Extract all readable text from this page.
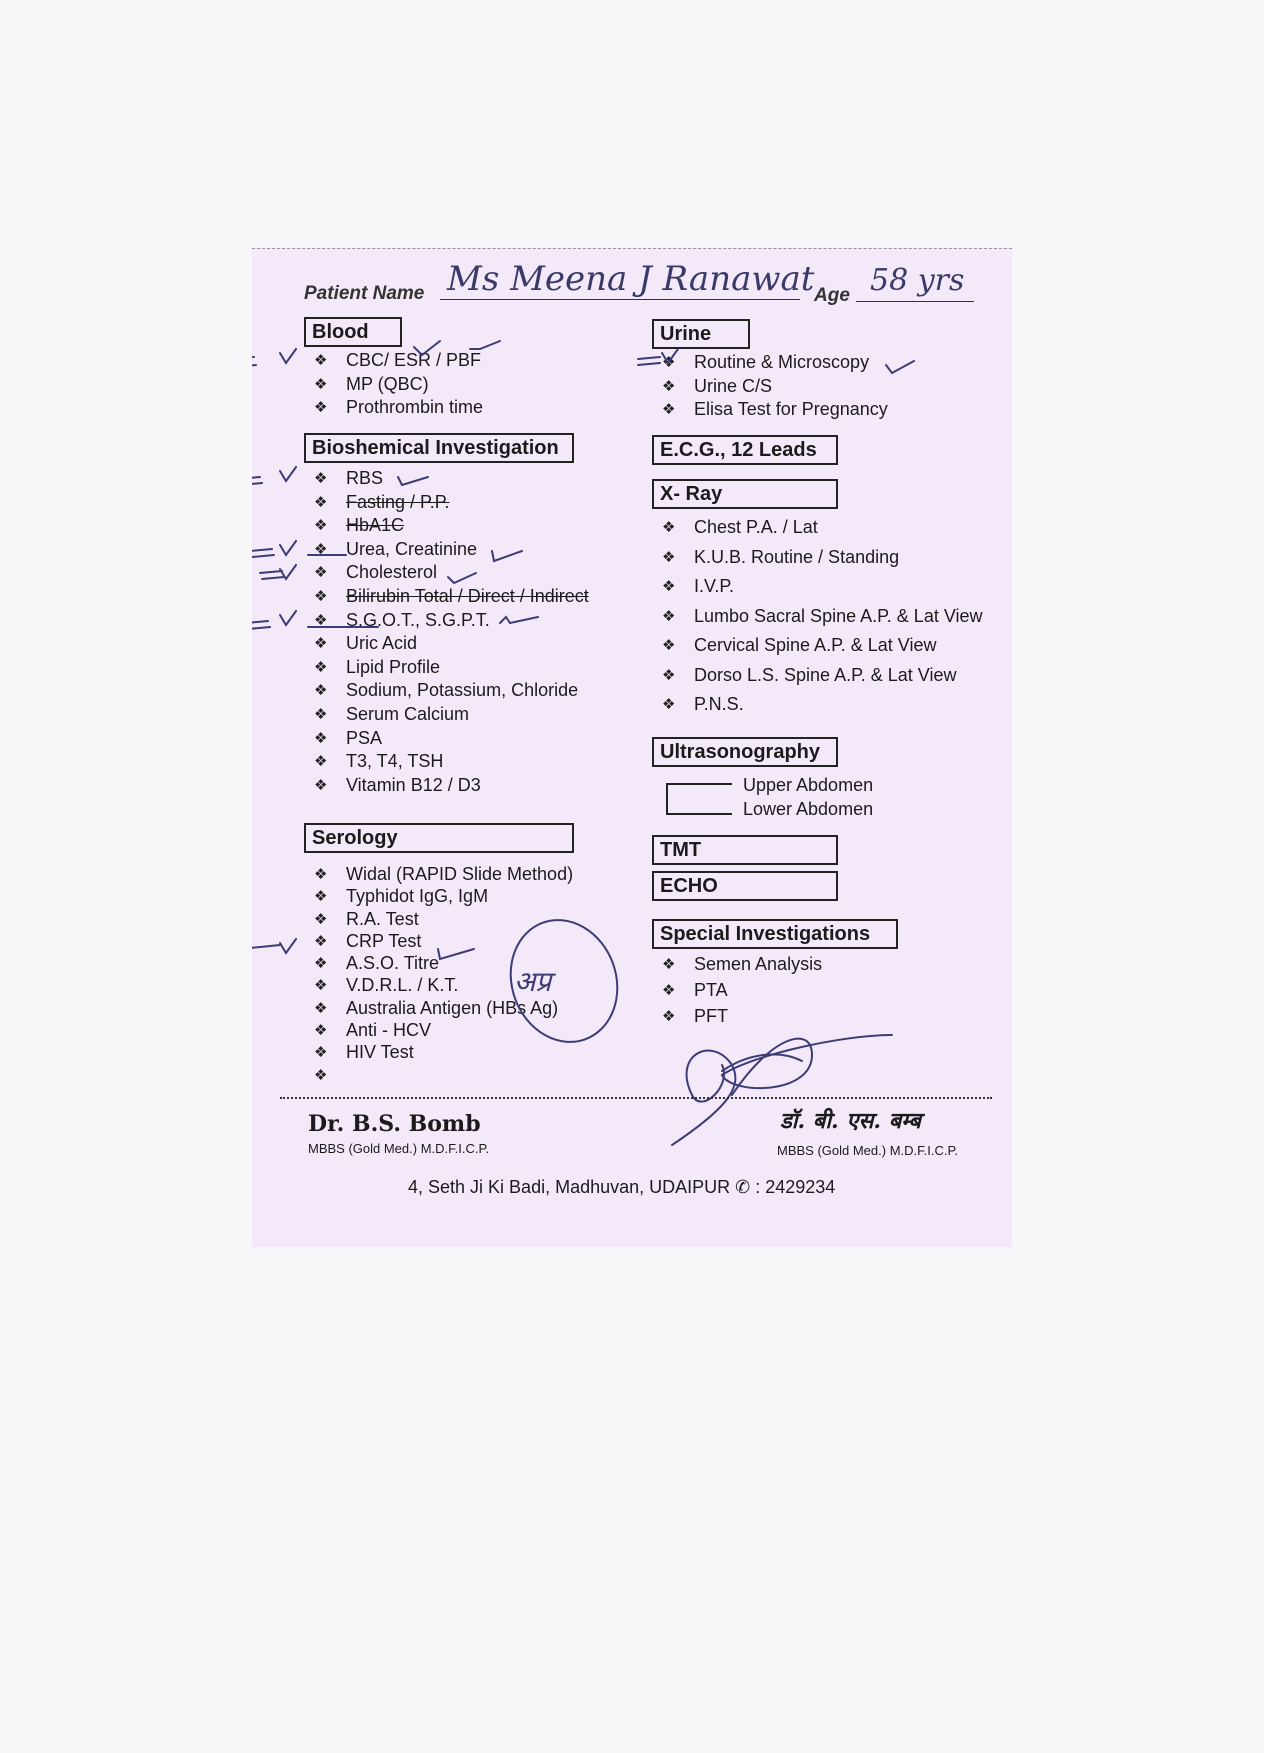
Patient Name Ms Meena J Ranawat Age 58 yrs
Blood
❖ CBC/ ESR / PBF
❖ MP (QBC)
❖ Prothrombin time
Bioshemical Investigation
❖ RBS
❖ Fasting / P.P.
❖ HbA1C
❖ Urea, Creatinine
❖ Cholesterol
❖ Bilirubin Total / Direct / Indirect
❖ S.G.O.T., S.G.P.T.
❖ Uric Acid
❖ Lipid Profile
❖ Sodium, Potassium, Chloride
❖ Serum Calcium
❖ PSA
❖ T3, T4, TSH
❖ Vitamin B12 / D3
Serology
❖ Widal (RAPID Slide Method)
❖ Typhidot IgG, IgM
❖ R.A. Test
❖ CRP Test
❖ A.S.O. Titre
❖ V.D.R.L. / K.T.
❖ Australia Antigen (HBs Ag)
❖ Anti - HCV
❖ HIV Test
❖
Urine
❖ Routine & Microscopy
❖ Urine C/S
❖ Elisa Test for Pregnancy
E.C.G., 12 Leads
X- Ray
❖ Chest P.A. / Lat
❖ K.U.B. Routine / Standing
❖ I.V.P.
❖ Lumbo Sacral Spine A.P. & Lat View
❖ Cervical Spine A.P. & Lat View
❖ Dorso L.S. Spine A.P. & Lat View
❖ P.N.S.
Ultrasonography
Upper Abdomen
Lower Abdomen
TMT
ECHO
Special Investigations
❖ Semen Analysis
❖ PTA
❖ PFT
अप्र
Dr. B.S. Bomb
MBBS (Gold Med.) M.D.F.I.C.P.
डॉ. बी. एस. बम्ब
MBBS (Gold Med.) M.D.F.I.C.P.
4, Seth Ji Ki Badi, Madhuvan, UDAIPUR ✆ : 2429234
